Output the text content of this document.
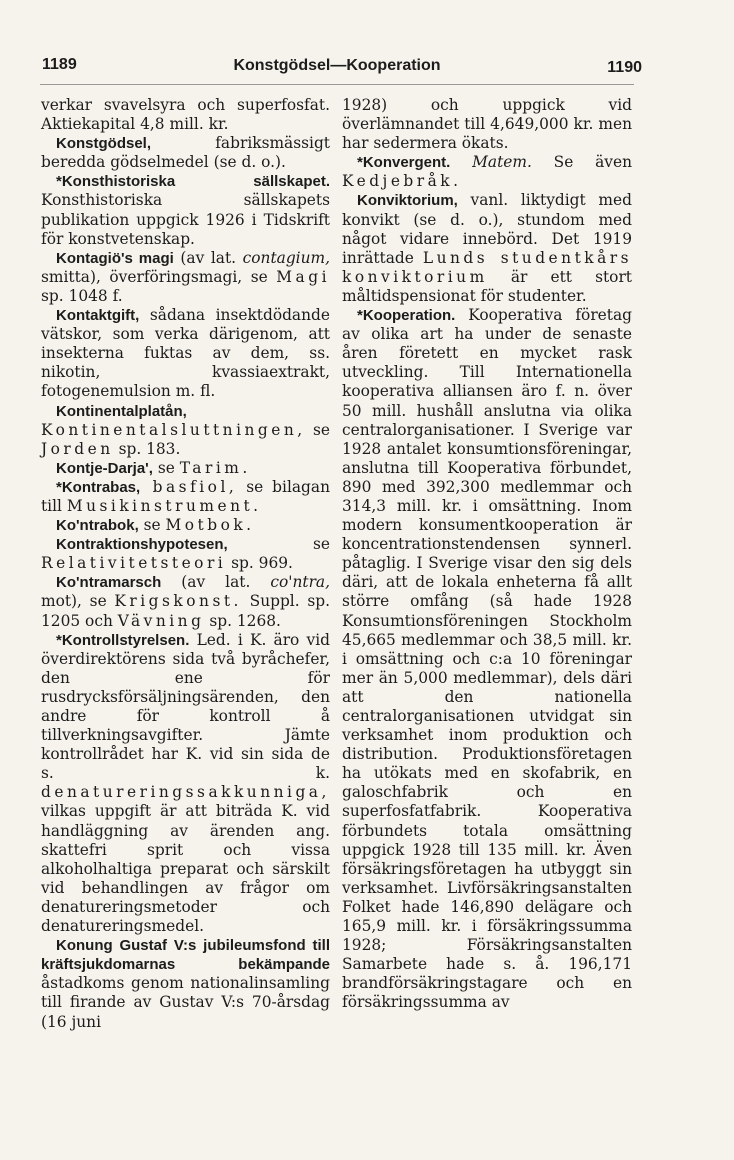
1189	Konstgödsel—Kooperation	1190

verkar svavelsyra och superfosfat. Aktiekapital 4,8 mill. kr.

Konstgödsel, fabriksmässigt beredda gödselmedel (se d. o.).

*Konsthistoriska sällskapet. Konsthistoriska sällskapets publikation uppgick 1926 i Tidskrift för konstvetenskap.

Kontagiö's magi (av lat. contagium, smitta), överföringsmagi, se Magi sp. 1048 f.

Kontaktgift, sådana insektdödande vätskor, som verka därigenom, att insekterna fuktas av dem, ss. nikotin, kvassiaextrakt, fotogenemulsion m. fl.

Kontinentalplatån, Kontinentalsluttningen, se Jorden sp. 183.

Kontje-Darja', se Tarim.

*Kontrabas, basfiol, se bilagan till Musikinstrument.

Ko'ntrabok, se Motbok.

Kontraktionshypotesen, se Relativitetsteori sp. 969.

Ko'ntramarsch (av lat. co'ntra, mot), se Krigskonst. Suppl. sp. 1205 och Vävning sp. 1268.

*Kontrollstyrelsen. Led. i K. äro vid överdirektörens sida två byråchefer, den ene för rusdrycksförsäljningsärenden, den andre för kontroll å tillverkningsavgifter. Jämte kontrollrådet har K. vid sin sida de s. k. denatureringssakkunniga, vilkas uppgift är att biträda K. vid handläggning av ärenden ang. skattefri sprit och vissa alkoholhaltiga preparat och särskilt vid behandlingen av frågor om denatureringsmetoder och denatureringsmedel.

Konung Gustaf V:s jubileumsfond till kräftsjukdomarnas bekämpande åstadkoms genom nationalinsamling till firande av Gustav V:s 70-årsdag (16 juni

1928) och uppgick vid överlämnandet till 4,649,000 kr. men har sedermera ökats.

*Konvergent. Matem. Se även Kedjebråk.

Konviktorium, vanl. liktydigt med konvikt (se d. o.), stundom med något vidare innebörd. Det 1919 inrättade Lunds studentkårs konviktorium är ett stort måltidspensionat för studenter.

*Kooperation. Kooperativa företag av olika art ha under de senaste åren företett en mycket rask utveckling. Till Internationella kooperativa alliansen äro f. n. över 50 mill. hushåll anslutna via olika centralorganisationer. I Sverige var 1928 antalet konsumtionsföreningar, anslutna till Kooperativa förbundet, 890 med 392,300 medlemmar och 314,3 mill. kr. i omsättning. Inom modern konsumentkooperation är koncentrationstendensen synnerl. påtaglig. I Sverige visar den sig dels däri, att de lokala enheterna få allt större omfång (så hade 1928 Konsumtionsföreningen Stockholm 45,665 medlemmar och 38,5 mill. kr. i omsättning och c:a 10 föreningar mer än 5,000 medlemmar), dels däri att den nationella centralorganisationen utvidgat sin verksamhet inom produktion och distribution. Produktionsföretagen ha utökats med en skofabrik, en galoschfabrik och en superfosfatfabrik. Kooperativa förbundets totala omsättning uppgick 1928 till 135 mill. kr. Även försäkringsföretagen ha utbyggt sin verksamhet. Livförsäkringsanstalten Folket hade 146,890 delägare och 165,9 mill. kr. i försäkringssumma 1928; Försäkringsanstalten Samarbete hade s. å. 196,171 brandförsäkringstagare och en försäkringssumma av
